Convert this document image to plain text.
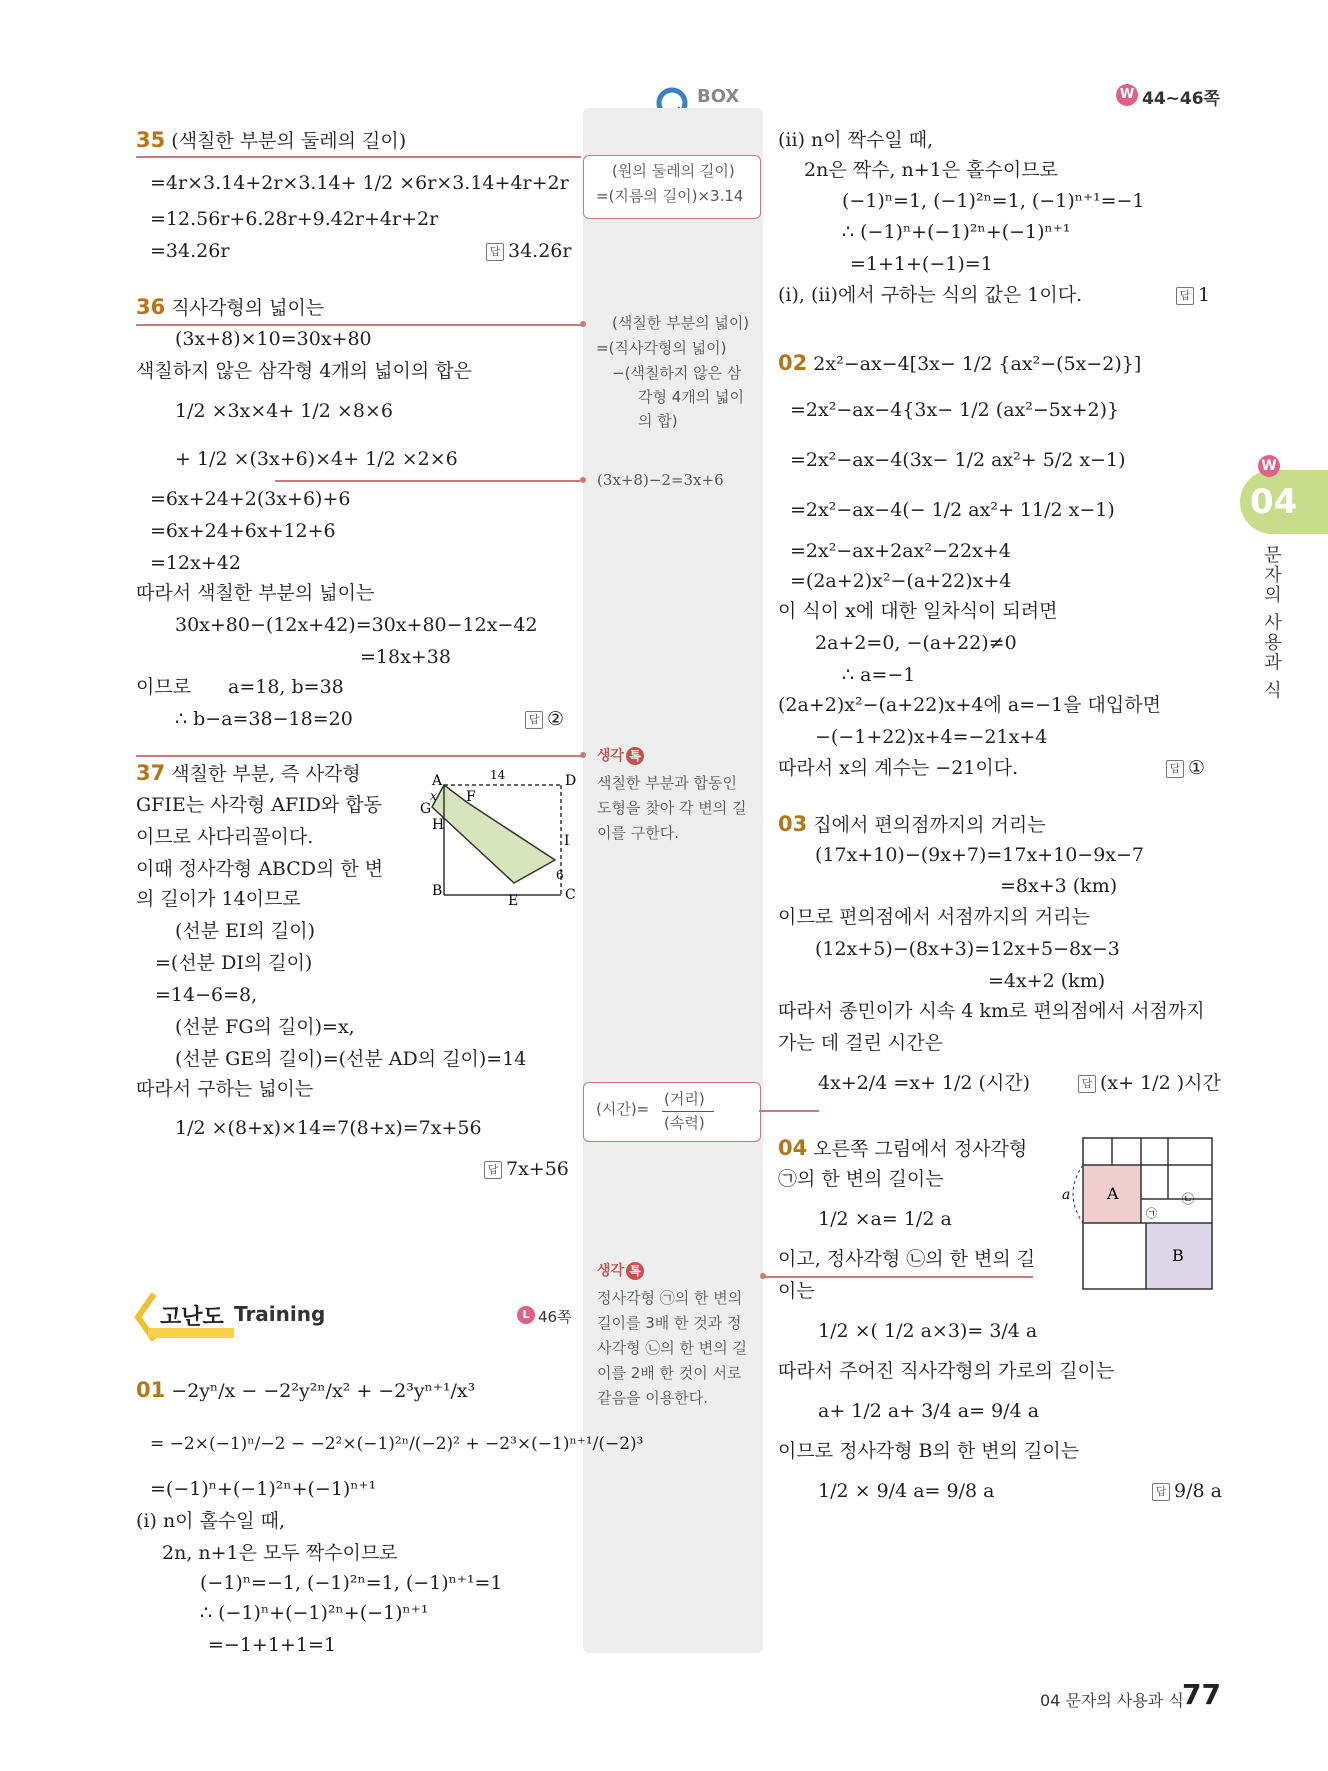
BOX	W 44~46쪽
W
04
문자의 사용과 식
35 (색칠한 부분의 둘레의 길이)
=4r×3.14+2r×3.14+ 1/2 ×6r×3.14+4r+2r
=12.56r+6.28r+9.42r+4r+2r
=34.26r	답 34.26r
36 직사각형의 넓이는
(3x+8)×10=30x+80
색칠하지 않은 삼각형 4개의 넓이의 합은
1/2 ×3x×4+ 1/2 ×8×6
+ 1/2 ×(3x+6)×4+ 1/2 ×2×6
=6x+24+2(3x+6)+6
=6x+24+6x+12+6
=12x+42
따라서 색칠한 부분의 넓이는
30x+80−(12x+42)=30x+80−12x−42
=18x+38
이므로 a=18, b=38
∴ b−a=38−18=20	답 ②
37 색칠한 부분, 즉 사각형
GFIE는 사각형 AFID와 합동
이므로 사다리꼴이다.
이때 정사각형 ABCD의 한 변
의 길이가 14이므로
(선분 EI의 길이)
=(선분 DI의 길이)
=14−6=8,
(선분 FG의 길이)=x,
(선분 GE의 길이)=(선분 AD의 길이)=14
따라서 구하는 넓이는
1/2 ×(8+x)×14=7(8+x)=7x+56
답 7x+56
A	D
F
G
H
I
B
E	C
x
14
6
고난도 Training	L 46쪽
01 −2yⁿ/x − −2²y²ⁿ/x² + −2³yⁿ⁺¹/x³
= −2×(−1)ⁿ/−2 − −2²×(−1)²ⁿ/(−2)² + −2³×(−1)ⁿ⁺¹/(−2)³
=(−1)ⁿ+(−1)²ⁿ+(−1)ⁿ⁺¹
(i) n이 홀수일 때,
2n, n+1은 모두 짝수이므로
(−1)ⁿ=−1, (−1)²ⁿ=1, (−1)ⁿ⁺¹=1
∴ (−1)ⁿ+(−1)²ⁿ+(−1)ⁿ⁺¹
=−1+1+1=1
(원의 둘레의 길이)
=(지름의 길이)×3.14
(색칠한 부분의 넓이)
=(직사각형의 넓이)
−(색칠하지 않은 삼
각형 4개의 넓이
의 합)
(3x+8)−2=3x+6
생각 톡
색칠한 부분과 합동인
도형을 찾아 각 변의 길
이를 구한다.
(시간)=
(거리)
(속력)
생각 톡
정사각형 ㉠의 한 변의
길이를 3배 한 것과 정
사각형 ㉡의 한 변의 길
이를 2배 한 것이 서로
같음을 이용한다.
(ii) n이 짝수일 때,
2n은 짝수, n+1은 홀수이므로
(−1)ⁿ=1, (−1)²ⁿ=1, (−1)ⁿ⁺¹=−1
∴ (−1)ⁿ+(−1)²ⁿ+(−1)ⁿ⁺¹
=1+1+(−1)=1
(i), (ii)에서 구하는 식의 값은 1이다.	답 1
02 2x²−ax−4[3x− 1/2 {ax²−(5x−2)}]
=2x²−ax−4{3x− 1/2 (ax²−5x+2)}
=2x²−ax−4(3x− 1/2 ax²+ 5/2 x−1)
=2x²−ax−4(− 1/2 ax²+ 11/2 x−1)
=2x²−ax+2ax²−22x+4
=(2a+2)x²−(a+22)x+4
이 식이 x에 대한 일차식이 되려면
2a+2=0, −(a+22)≠0
∴ a=−1
(2a+2)x²−(a+22)x+4에 a=−1을 대입하면
−(−1+22)x+4=−21x+4
따라서 x의 계수는 −21이다.	답 ①
03 집에서 편의점까지의 거리는
(17x+10)−(9x+7)=17x+10−9x−7
=8x+3 (km)
이므로 편의점에서 서점까지의 거리는
(12x+5)−(8x+3)=12x+5−8x−3
=4x+2 (km)
따라서 종민이가 시속 4 km로 편의점에서 서점까지
가는 데 걸린 시간은
4x+2/4 =x+ 1/2 (시간)	답 (x+ 1/2 )시간
04 오른쪽 그림에서 정사각형
㉠의 한 변의 길이는
1/2 ×a= 1/2 a
이고, 정사각형 ㉡의 한 변의 길
이는
1/2 ×( 1/2 a×3)= 3/4 a
따라서 주어진 직사각형의 가로의 길이는
a+ 1/2 a+ 3/4 a= 9/4 a
이므로 정사각형 B의 한 변의 길이는
1/2 × 9/4 a= 9/8 a	답 9/8 a
a A
㉠
㉡
B
04 문자의 사용과 식
77
